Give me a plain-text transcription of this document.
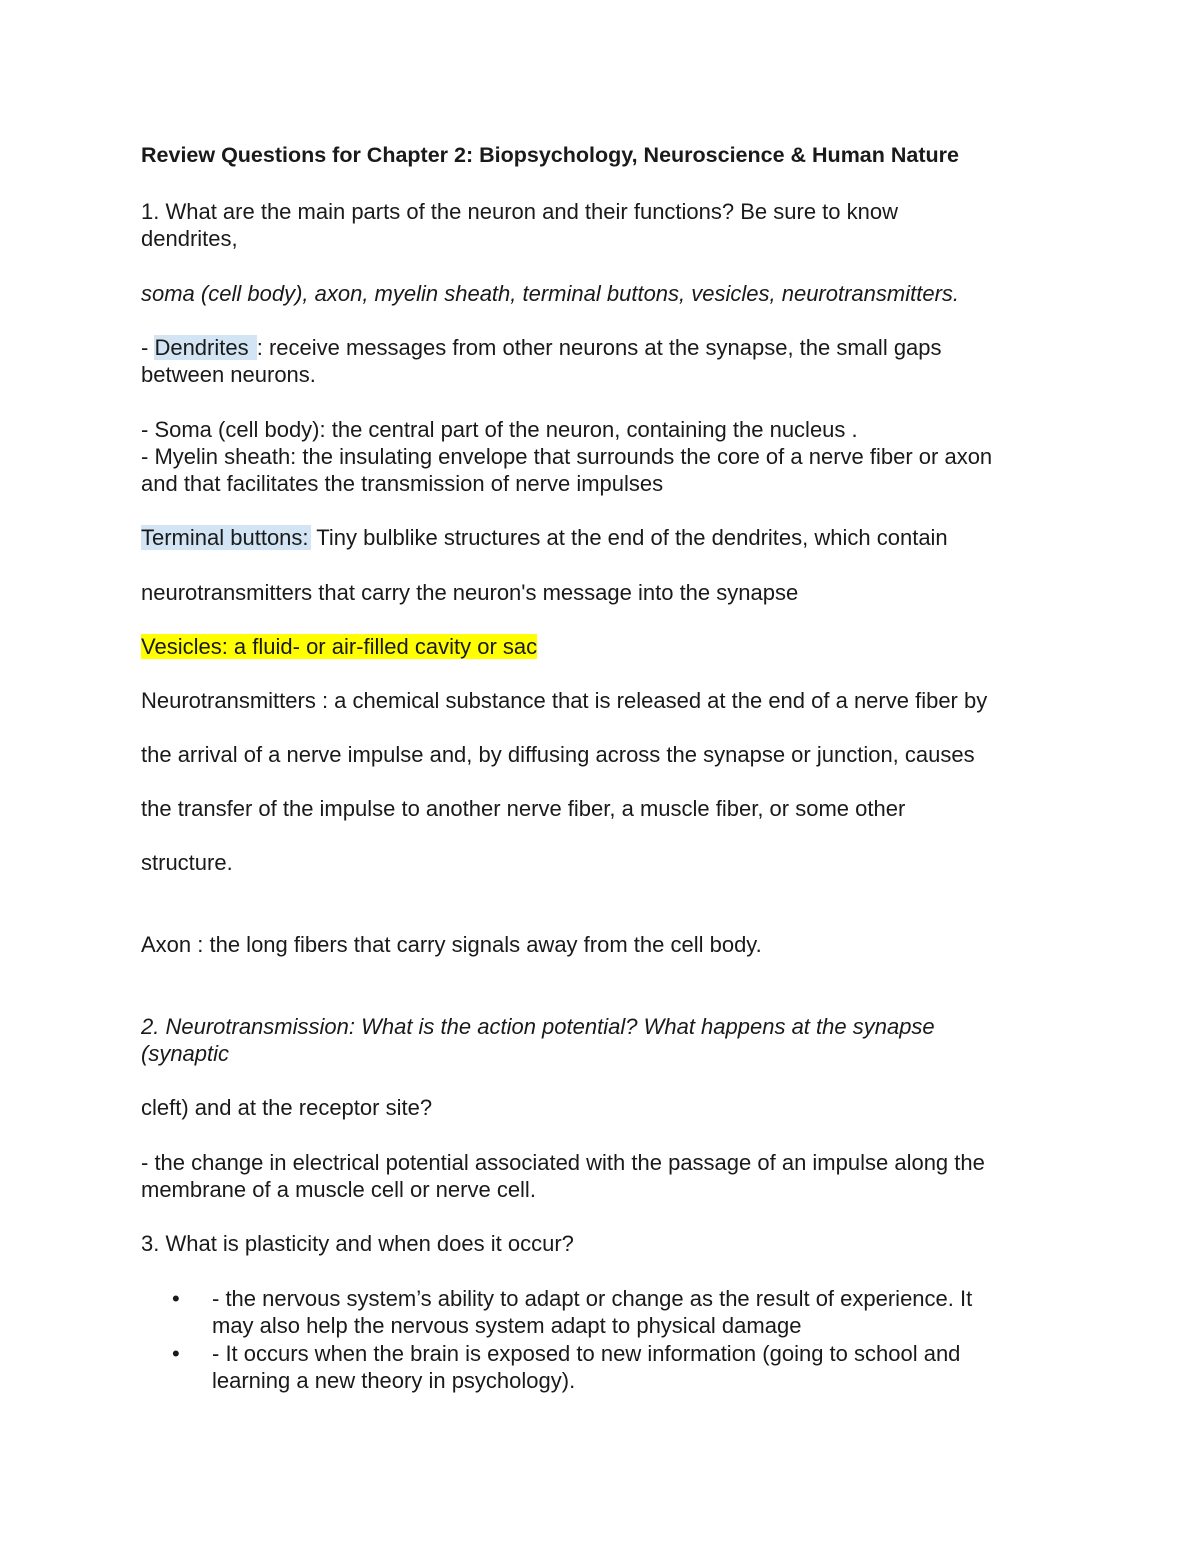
Review Questions for Chapter 2: Biopsychology, Neuroscience & Human Nature
1. What are the main parts of the neuron and their functions? Be sure to know
dendrites,
soma (cell body), axon, myelin sheath, terminal buttons, vesicles, neurotransmitters.
- Dendrites : receive messages from other neurons at the synapse, the small gaps
between neurons.
- Soma (cell body): the central part of the neuron, containing the nucleus .
- Myelin sheath: the insulating envelope that surrounds the core of a nerve fiber or axon
and that facilitates the transmission of nerve impulses
Terminal buttons: Tiny bulblike structures at the end of the dendrites, which contain
neurotransmitters that carry the neuron's message into the synapse
Vesicles: a fluid- or air-filled cavity or sac
Neurotransmitters : a chemical substance that is released at the end of a nerve fiber by
the arrival of a nerve impulse and, by diffusing across the synapse or junction, causes
the transfer of the impulse to another nerve fiber, a muscle fiber, or some other
structure.
Axon : the long fibers that carry signals away from the cell body.
2. Neurotransmission: What is the action potential? What happens at the synapse
(synaptic
cleft) and at the receptor site?
- the change in electrical potential associated with the passage of an impulse along the
membrane of a muscle cell or nerve cell.
3. What is plasticity and when does it occur?
• - the nervous system’s ability to adapt or change as the result of experience. It
may also help the nervous system adapt to physical damage
• - It occurs when the brain is exposed to new information (going to school and
learning a new theory in psychology).
